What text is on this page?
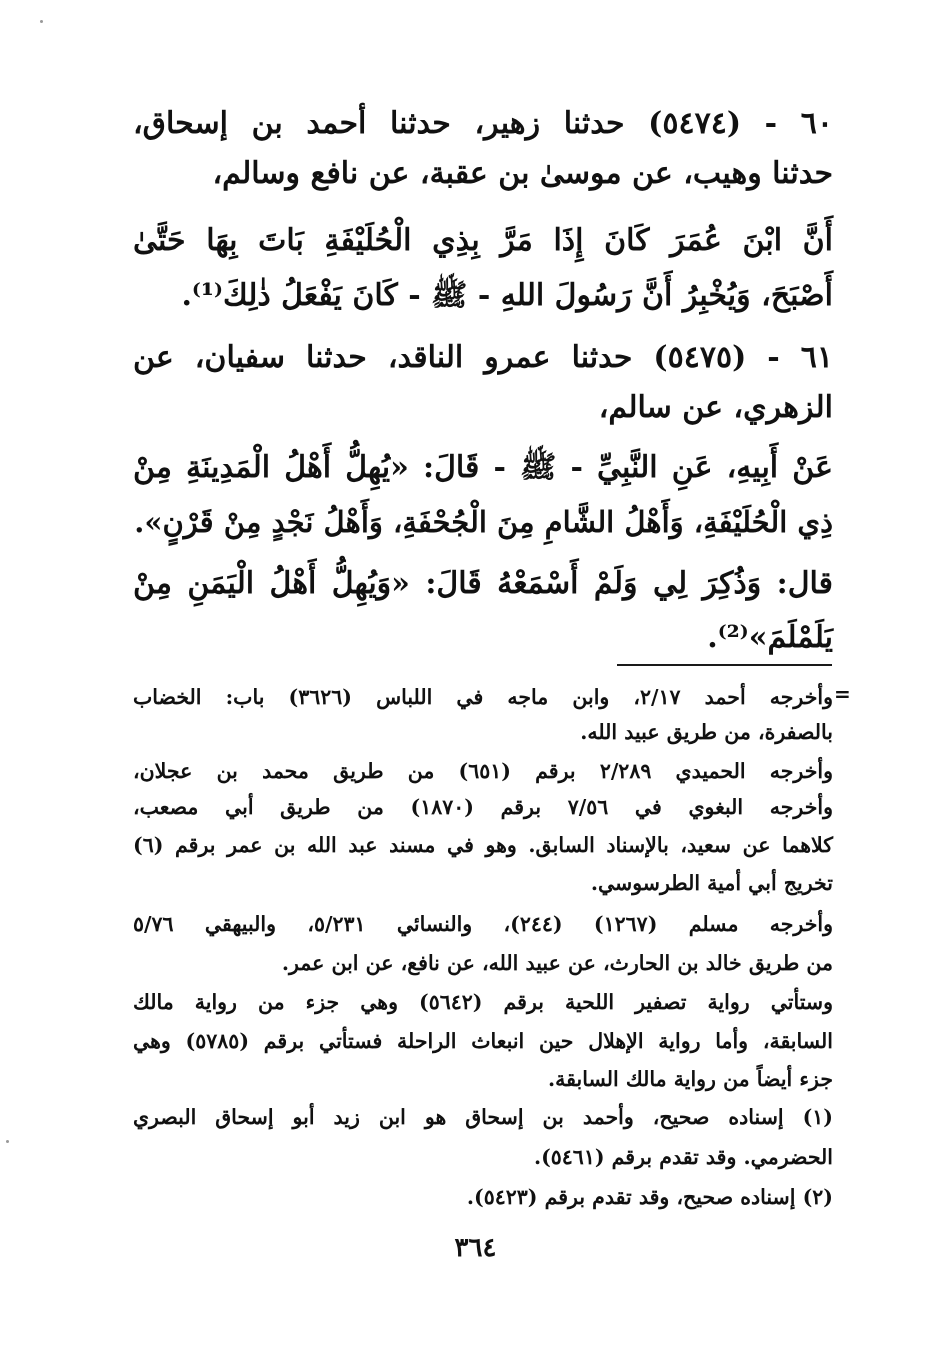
٦٠ - (٥٤٧٤) حدثنا زهير، حدثنا أحمد بن إسحاق،
حدثنا وهيب، عن موسىٰ بن عقبة، عن نافع وسالم،
أَنَّ ابْنَ عُمَرَ كَانَ إِذَا مَرَّ بِذِي الْحُلَيْفَةِ بَاتَ بِهَا حَتَّىٰ
أَصْبَحَ، وَيُخْبِرُ أَنَّ رَسُولَ اللهِ - ﷺ - كَانَ يَفْعَلُ ذٰلِكَ⁽¹⁾.
٦١ - (٥٤٧٥) حدثنا عمرو الناقد، حدثنا سفيان، عن
الزهري، عن سالم،
عَنْ أَبِيهِ، عَنِ النَّبِيِّ - ﷺ - قَالَ: «يُهِلُّ أَهْلُ الْمَدِينَةِ مِنْ
ذِي الْحُلَيْفَةِ، وَأَهْلُ الشَّامِ مِنَ الْجُحْفَةِ، وَأَهْلُ نَجْدٍ مِنْ قَرْنٍ».
قال: وَذُكِرَ لِي وَلَمْ أَسْمَعْهُ قَالَ: «وَيُهِلُّ أَهْلُ الْيَمَنِ مِنْ
يَلَمْلَمَ»⁽²⁾.
=
وأخرجه أحمد ٢/١٧، وابن ماجه في اللباس (٣٦٢٦) باب: الخضاب
بالصفرة، من طريق عبيد الله.
وأخرجه الحميدي ٢/٢٨٩ برقم (٦٥١) من طريق محمد بن عجلان،
وأخرجه البغوي في ٧/٥٦ برقم (١٨٧٠) من طريق أبي مصعب،
كلاهما عن سعيد، بالإسناد السابق. وهو في مسند عبد الله بن عمر برقم (٦)
تخريج أبي أمية الطرسوسي.
وأخرجه مسلم (١٢٦٧) (٢٤٤)، والنسائي ٥/٢٣١، والبيهقي ٥/٧٦
من طريق خالد بن الحارث، عن عبيد الله، عن نافع، عن ابن عمر.
وستأتي رواية تصفير اللحية برقم (٥٦٤٢) وهي جزء من رواية مالك
السابقة، وأما رواية الإهلال حين انبعاث الراحلة فستأتي برقم (٥٧٨٥) وهي
جزء أيضاً من رواية مالك السابقة.
(١) إسناده صحيح، وأحمد بن إسحاق هو ابن زيد أبو إسحاق البصري
الحضرمي. وقد تقدم برقم (٥٤٦١).
(٢) إسناده صحيح، وقد تقدم برقم (٥٤٢٣).
٣٦٤
